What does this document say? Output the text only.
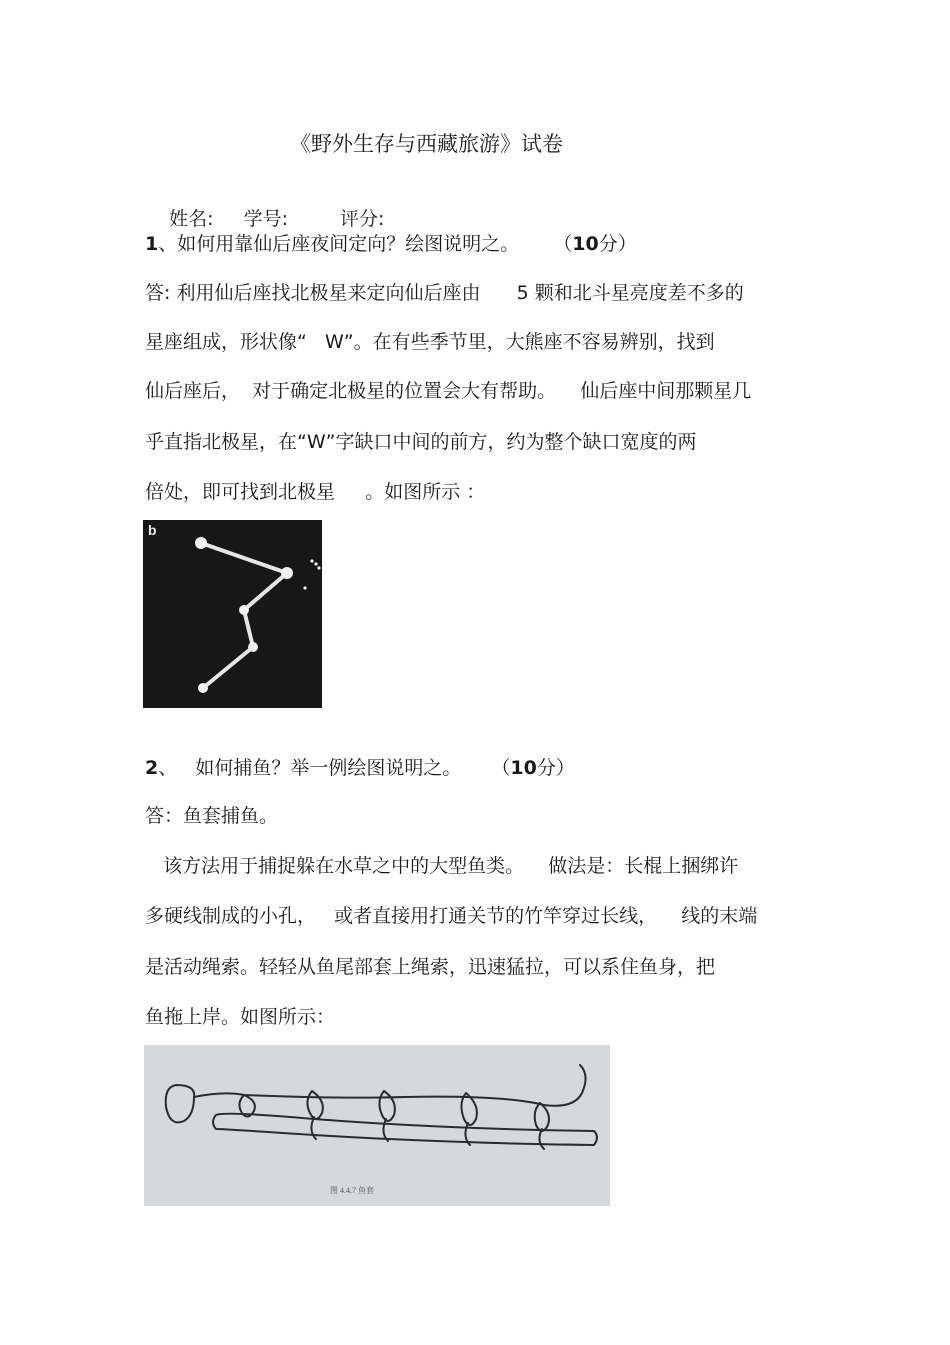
《野外生存与西藏旅游》试卷

姓名: 学号:	评分:

1、如何用靠仙后座夜间定向？绘图说明之。 （10分）
答: 利用仙后座找北极星来定向仙后座由      5 颗和北斗星亮度差不多的
星座组成，形状像“   W”。在有些季节里，大熊座不容易辨别，找到
仙后座后，  对于确定北极星的位置会大有帮助。    仙后座中间那颗星几
乎直指北极星，在“W”字缺口中间的前方，约为整个缺口宽度的两
倍处，即可找到北极星     。如图所示 ：
b
2、   如何捕鱼？举一例绘图说明之。 （10分）
答：鱼套捕鱼。
该方法用于捕捉躲在水草之中的大型鱼类。    做法是：长棍上捆绑许
多硬线制成的小孔，   或者直接用打通关节的竹竿穿过长线，    线的末端
是活动绳索。轻轻从鱼尾部套上绳索，迅速猛拉，可以系住鱼身，把
鱼拖上岸。如图所示：
图 4.4.7 鱼套
